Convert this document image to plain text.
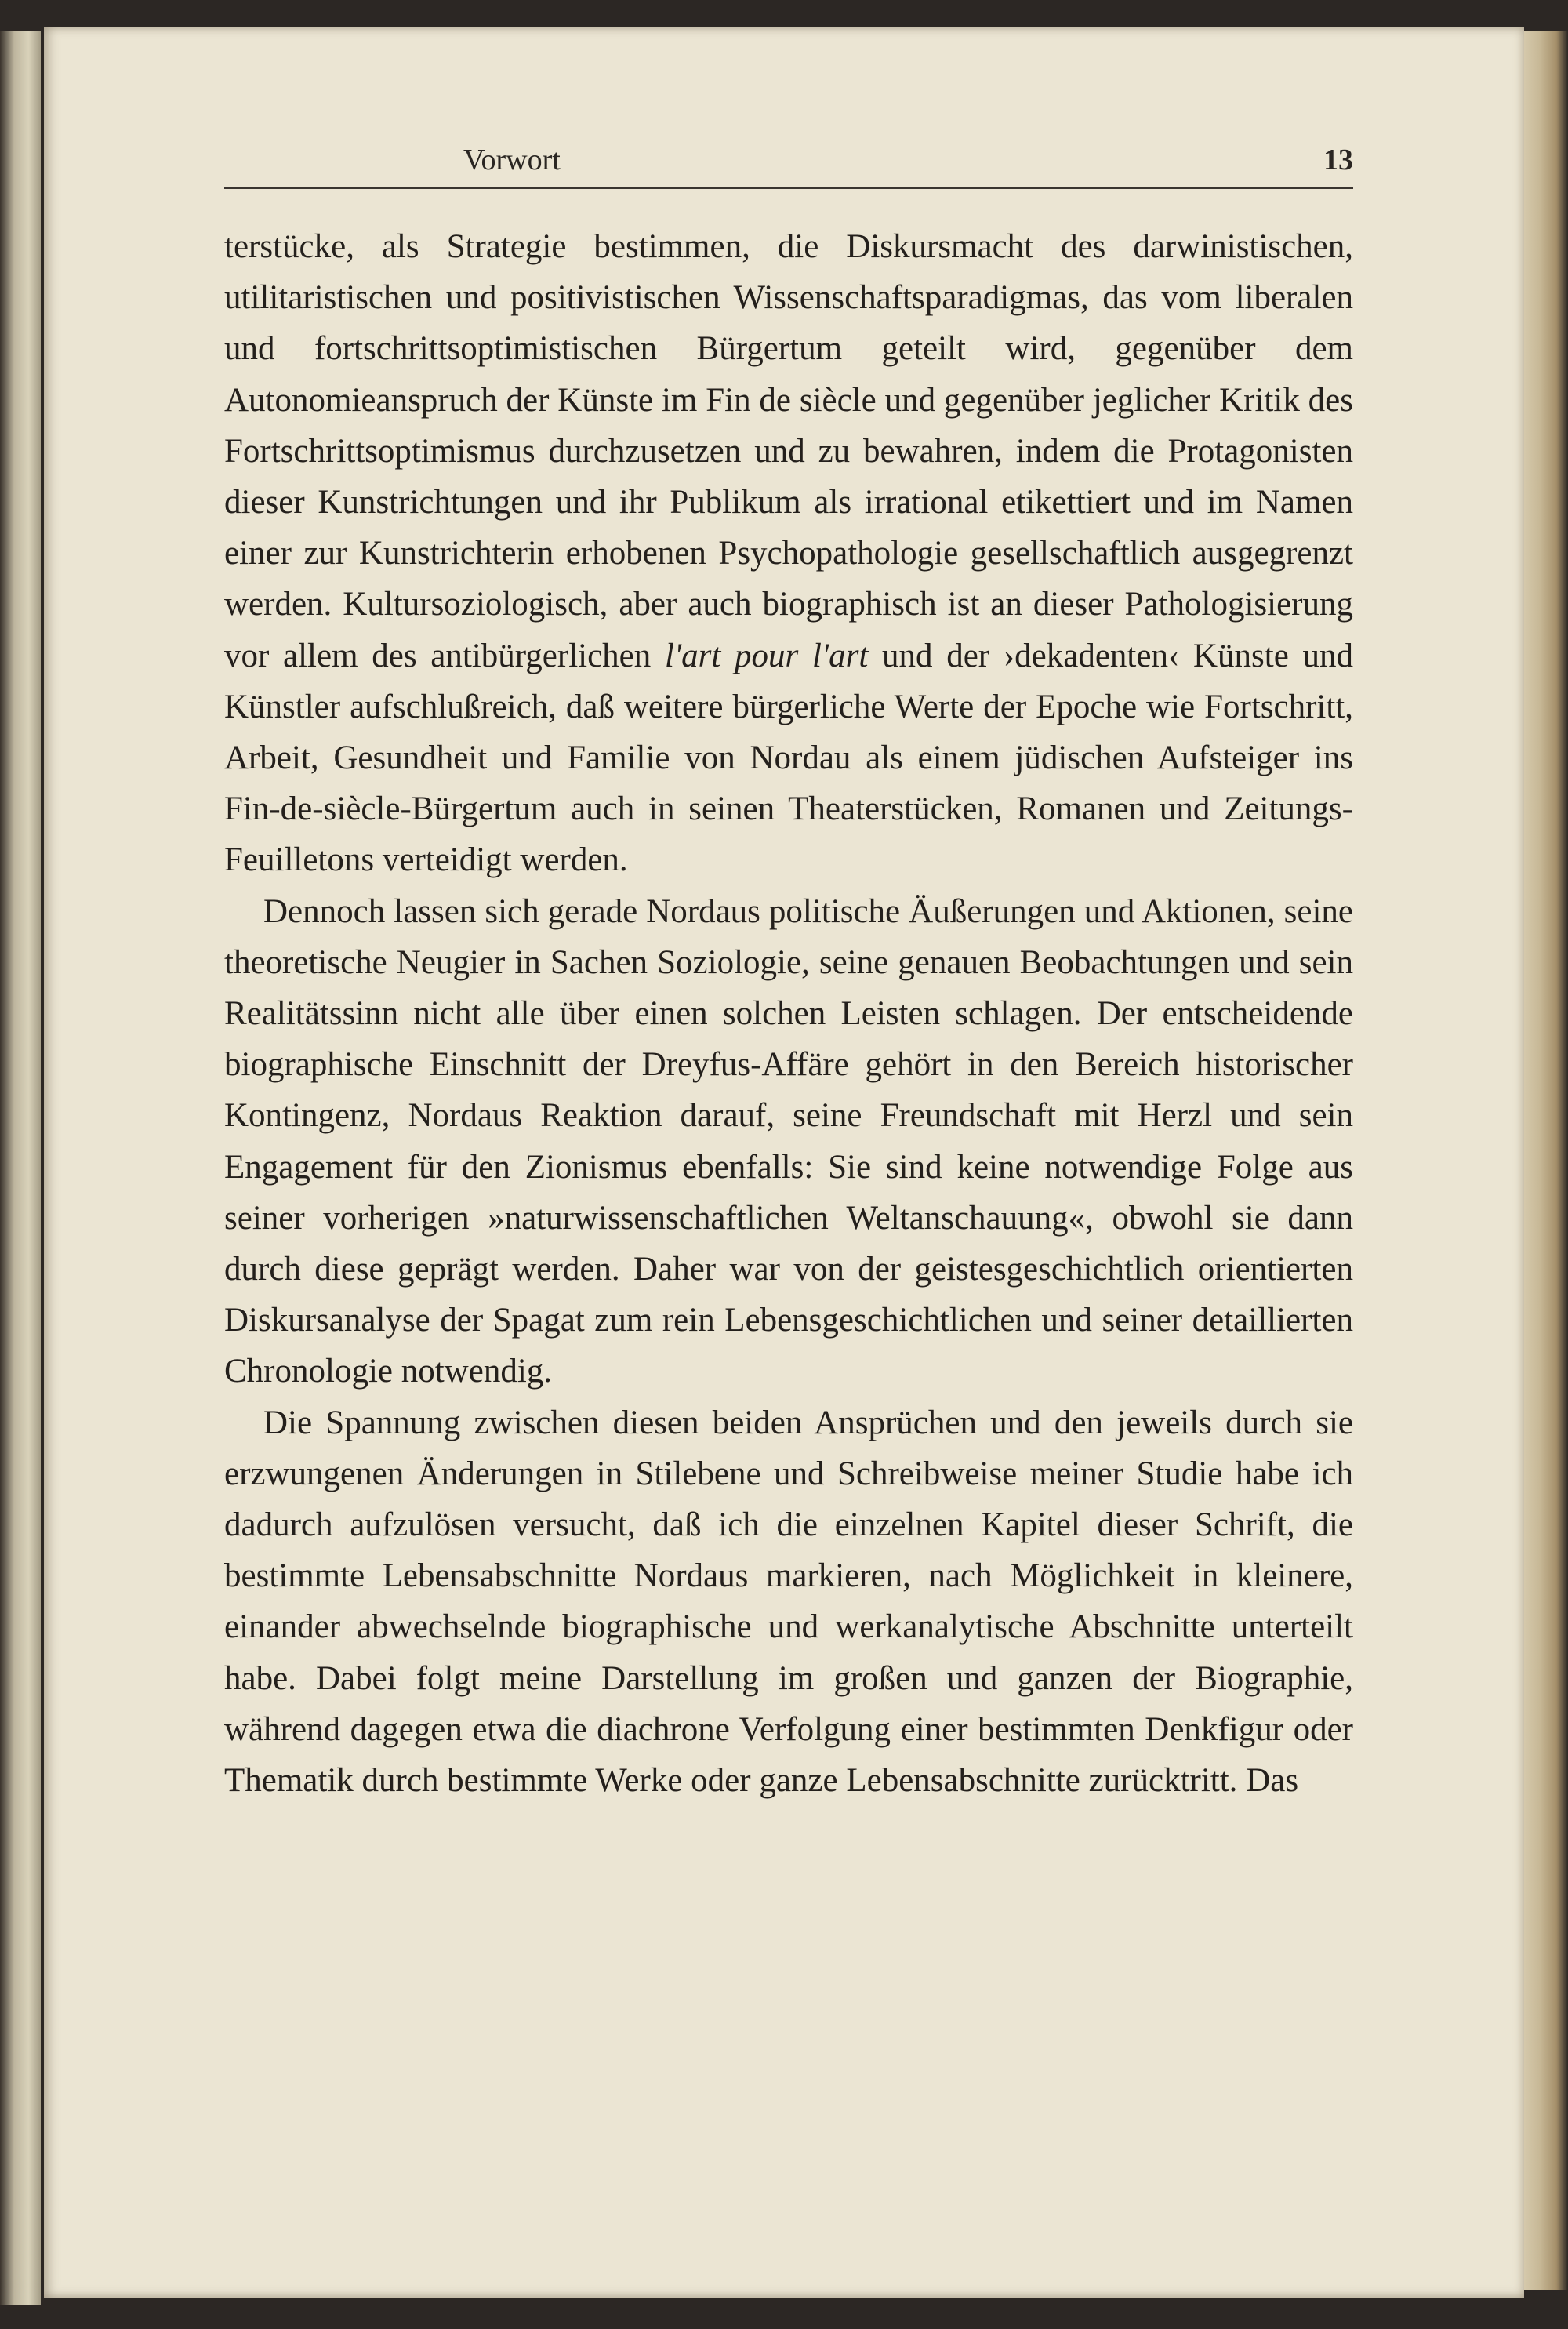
Vorwort	13

terstücke, als Strategie bestimmen, die Diskursmacht des darwinistischen, utilitaristischen und positivistischen Wissenschaftsparadigmas, das vom liberalen und fortschrittsoptimistischen Bürgertum geteilt wird, gegenüber dem Autonomieanspruch der Künste im Fin de siècle und gegenüber jeglicher Kritik des Fortschrittsoptimismus durchzusetzen und zu bewahren, indem die Protagonisten dieser Kunstrichtungen und ihr Publikum als irrational etikettiert und im Namen einer zur Kunstrichterin erhobenen Psychopathologie gesellschaftlich ausgegrenzt werden. Kultursoziologisch, aber auch biographisch ist an dieser Pathologisierung vor allem des antibürgerlichen l'art pour l'art und der ›dekadenten‹ Künste und Künstler aufschlußreich, daß weitere bürgerliche Werte der Epoche wie Fortschritt, Arbeit, Gesundheit und Familie von Nordau als einem jüdischen Aufsteiger ins Fin-de-siècle-Bürgertum auch in seinen Theaterstücken, Romanen und Zeitungs-Feuilletons verteidigt werden.

Dennoch lassen sich gerade Nordaus politische Äußerungen und Aktionen, seine theoretische Neugier in Sachen Soziologie, seine genauen Beobachtungen und sein Realitätssinn nicht alle über einen solchen Leisten schlagen. Der entscheidende biographische Einschnitt der Dreyfus-Affäre gehört in den Bereich historischer Kontingenz, Nordaus Reaktion darauf, seine Freundschaft mit Herzl und sein Engagement für den Zionismus ebenfalls: Sie sind keine notwendige Folge aus seiner vorherigen »naturwissenschaftlichen Weltanschauung«, obwohl sie dann durch diese geprägt werden. Daher war von der geistesgeschichtlich orientierten Diskursanalyse der Spagat zum rein Lebensgeschichtlichen und seiner detaillierten Chronologie notwendig.

Die Spannung zwischen diesen beiden Ansprüchen und den jeweils durch sie erzwungenen Änderungen in Stilebene und Schreibweise meiner Studie habe ich dadurch aufzulösen versucht, daß ich die einzelnen Kapitel dieser Schrift, die bestimmte Lebensabschnitte Nordaus markieren, nach Möglichkeit in kleinere, einander abwechselnde biographische und werkanalytische Abschnitte unterteilt habe. Dabei folgt meine Darstellung im großen und ganzen der Biographie, während dagegen etwa die diachrone Verfolgung einer bestimmten Denkfigur oder Thematik durch bestimmte Werke oder ganze Lebensabschnitte zurücktritt. Das
